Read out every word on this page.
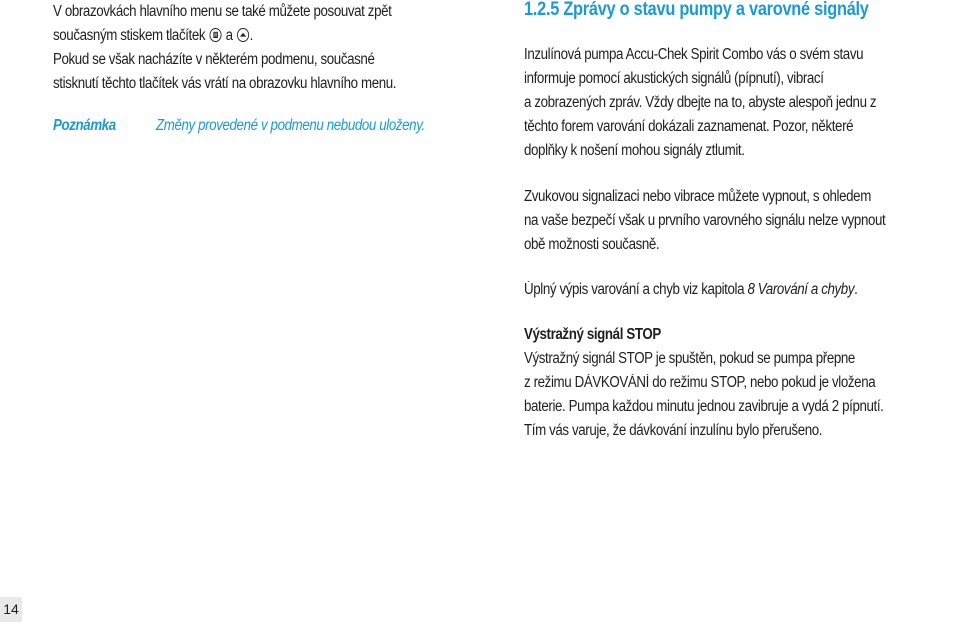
V obrazovkách hlavního menu se také můžete posouvat zpět
současným stiskem tlačítek
a
.
Pokud se však nacházíte v některém podmenu, současné
stisknutí těchto tlačítek vás vrátí na obrazovku hlavního menu.
Poznámka	Změny provedené v podmenu nebudou uloženy.
1.2.5 Zprávy o stavu pumpy a varovné signály
Inzulínová pumpa Accu-Chek Spirit Combo vás o svém stavu
informuje pomocí akustických signálů (pípnutí), vibrací
a zobrazených zpráv. Vždy dbejte na to, abyste alespoň jednu z
těchto forem varování dokázali zaznamenat. Pozor, některé
doplňky k nošení mohou signály ztlumit.
Zvukovou signalizaci nebo vibrace můžete vypnout, s ohledem
na vaše bezpečí však u prvního varovného signálu nelze vypnout
obě možnosti současně.
Úplný výpis varování a chyb viz kapitola 8 Varování a chyby.
Výstražný signál STOP
Výstražný signál STOP je spuštěn, pokud se pumpa přepne
z režimu DÁVKOVÁNÍ do režimu STOP, nebo pokud je vložena
baterie. Pumpa každou minutu jednou zavibruje a vydá 2 pípnutí.
Tím vás varuje, že dávkování inzulínu bylo přerušeno.
14
